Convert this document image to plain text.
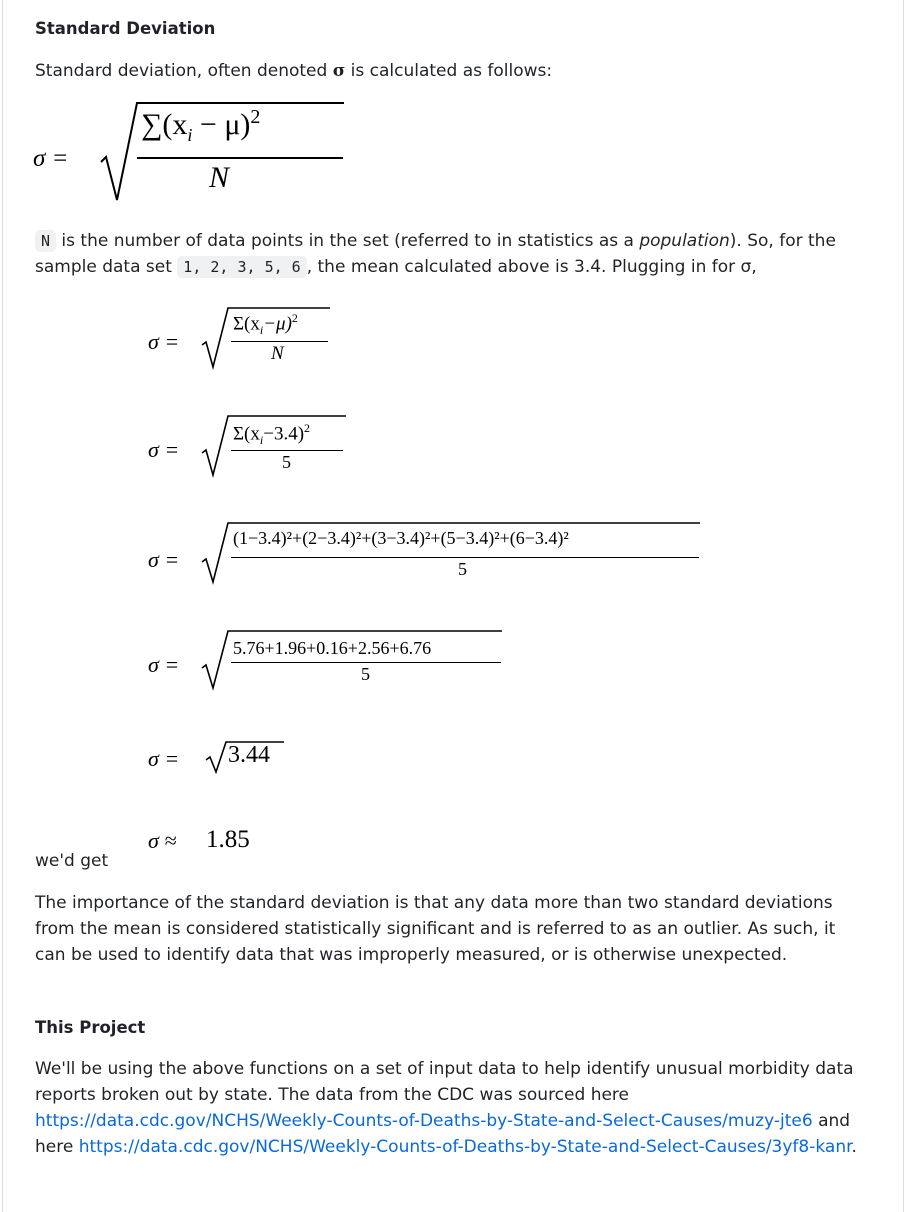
Standard Deviation
Standard deviation, often denoted σ is calculated as follows:
σ =
$\sum(x_i - \mu)^2$
N
N is the number of data points in the set (referred to in statistics as a population). So, for the sample data set 1, 2, 3, 5, 6 , the mean calculated above is 3.4. Plugging in for σ,
σ =
$\Sigma(x_i-\mu)^2$
N
σ =
$\Sigma(x_i-3.4)^2$
5
σ =
(1−3.4)²+(2−3.4)²+(3−3.4)²+(5−3.4)²+(6−3.4)²
5
σ =
5.76+1.96+0.16+2.56+6.76
5
σ = 3.44
σ ≈ 1.85
we'd get
The importance of the standard deviation is that any data more than two standard deviations from the mean is considered statistically significant and is referred to as an outlier. As such, it can be used to identify data that was improperly measured, or is otherwise unexpected.
This Project
We'll be using the above functions on a set of input data to help identify unusual morbidity data reports broken out by state. The data from the CDC was sourced here https://data.cdc.gov/NCHS/Weekly-Counts-of-Deaths-by-State-and-Select-Causes/muzy-jte6 and here https://data.cdc.gov/NCHS/Weekly-Counts-of-Deaths-by-State-and-Select-Causes/3yf8-kanr.
